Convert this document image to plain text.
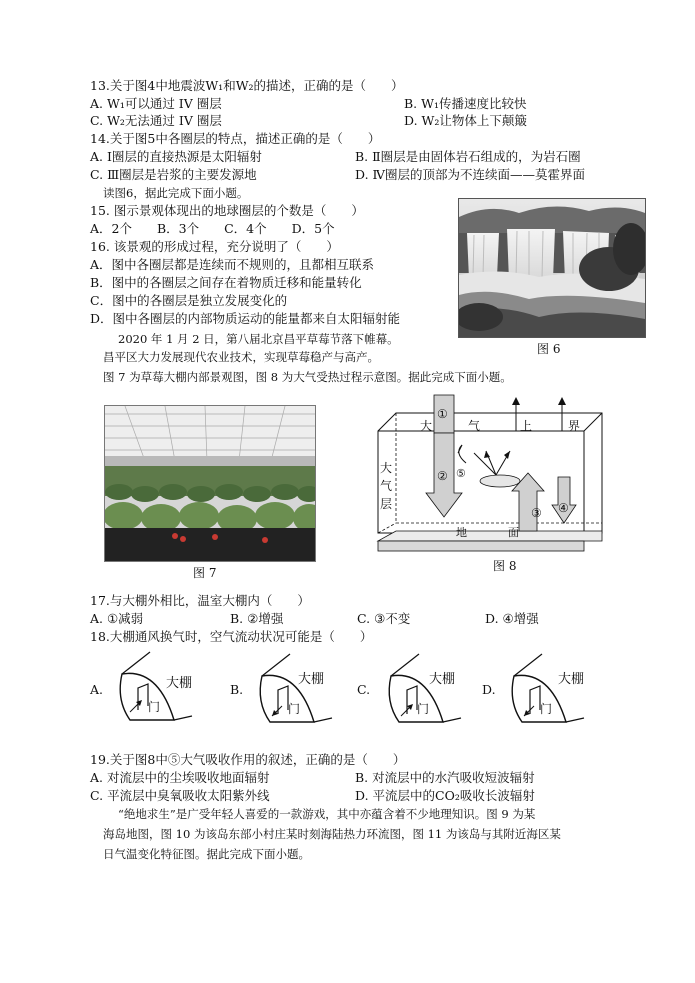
13.关于图4中地震波W₁和W₂的描述，正确的是（　　）
A. W₁可以通过 IV 圈层	B. W₁传播速度比较快
C. W₂无法通过 IV 圈层	D. W₂让物体上下颠簸
14.关于图5中各圈层的特点，描述正确的是（　　）
A. Ⅰ圈层的直接热源是太阳辐射	B. Ⅱ圈层是由固体岩石组成的，为岩石圈
C. Ⅲ圈层是岩浆的主要发源地	D. Ⅳ圈层的顶部为不连续面——莫霍界面
读图6，据此完成下面小题。
15. 图示景观体现出的地球圈层的个数是（　　）
A．2个　　B．3个　　C．4个　　D．5个
16. 该景观的形成过程，充分说明了（　　）
A．图中各圈层都是连续而不规则的，且都相互联系
B．图中的各圈层之间存在着物质迁移和能量转化
C．图中的各圈层是独立发展变化的
D．图中各圈层的内部物质运动的能量都来自太阳辐射能
图 6
2020 年 1 月 2 日，第八届北京昌平草莓节落下帷幕。
昌平区大力发展现代农业技术，实现草莓稳产与高产。
图 7 为草莓大棚内部景观图，图 8 为大气受热过程示意图。据此完成下面小题。
图 7
①
②
③ ④
⑤
大	气	上	界
大
气
层
地	面
图 8
17.与大棚外相比，温室大棚内（　　）
A. ①减弱	B. ②增强	C. ③不变	D. ④增强
18.大棚通风换气时，空气流动状况可能是（　　）
A.	大棚
门
B.
大棚
门
C.
大棚
门
D.
大棚
门
19.关于图8中⑤大气吸收作用的叙述，正确的是（　　）
A. 对流层中的尘埃吸收地面辐射	B. 对流层中的水汽吸收短波辐射
C. 平流层中臭氧吸收太阳紫外线	D. 平流层中的CO₂吸收长波辐射
“绝地求生”是广受年轻人喜爱的一款游戏，其中亦蕴含着不少地理知识。图 9 为某
海岛地图，图 10 为该岛东部小村庄某时刻海陆热力环流图，图 11 为该岛与其附近海区某
日气温变化特征图。据此完成下面小题。
